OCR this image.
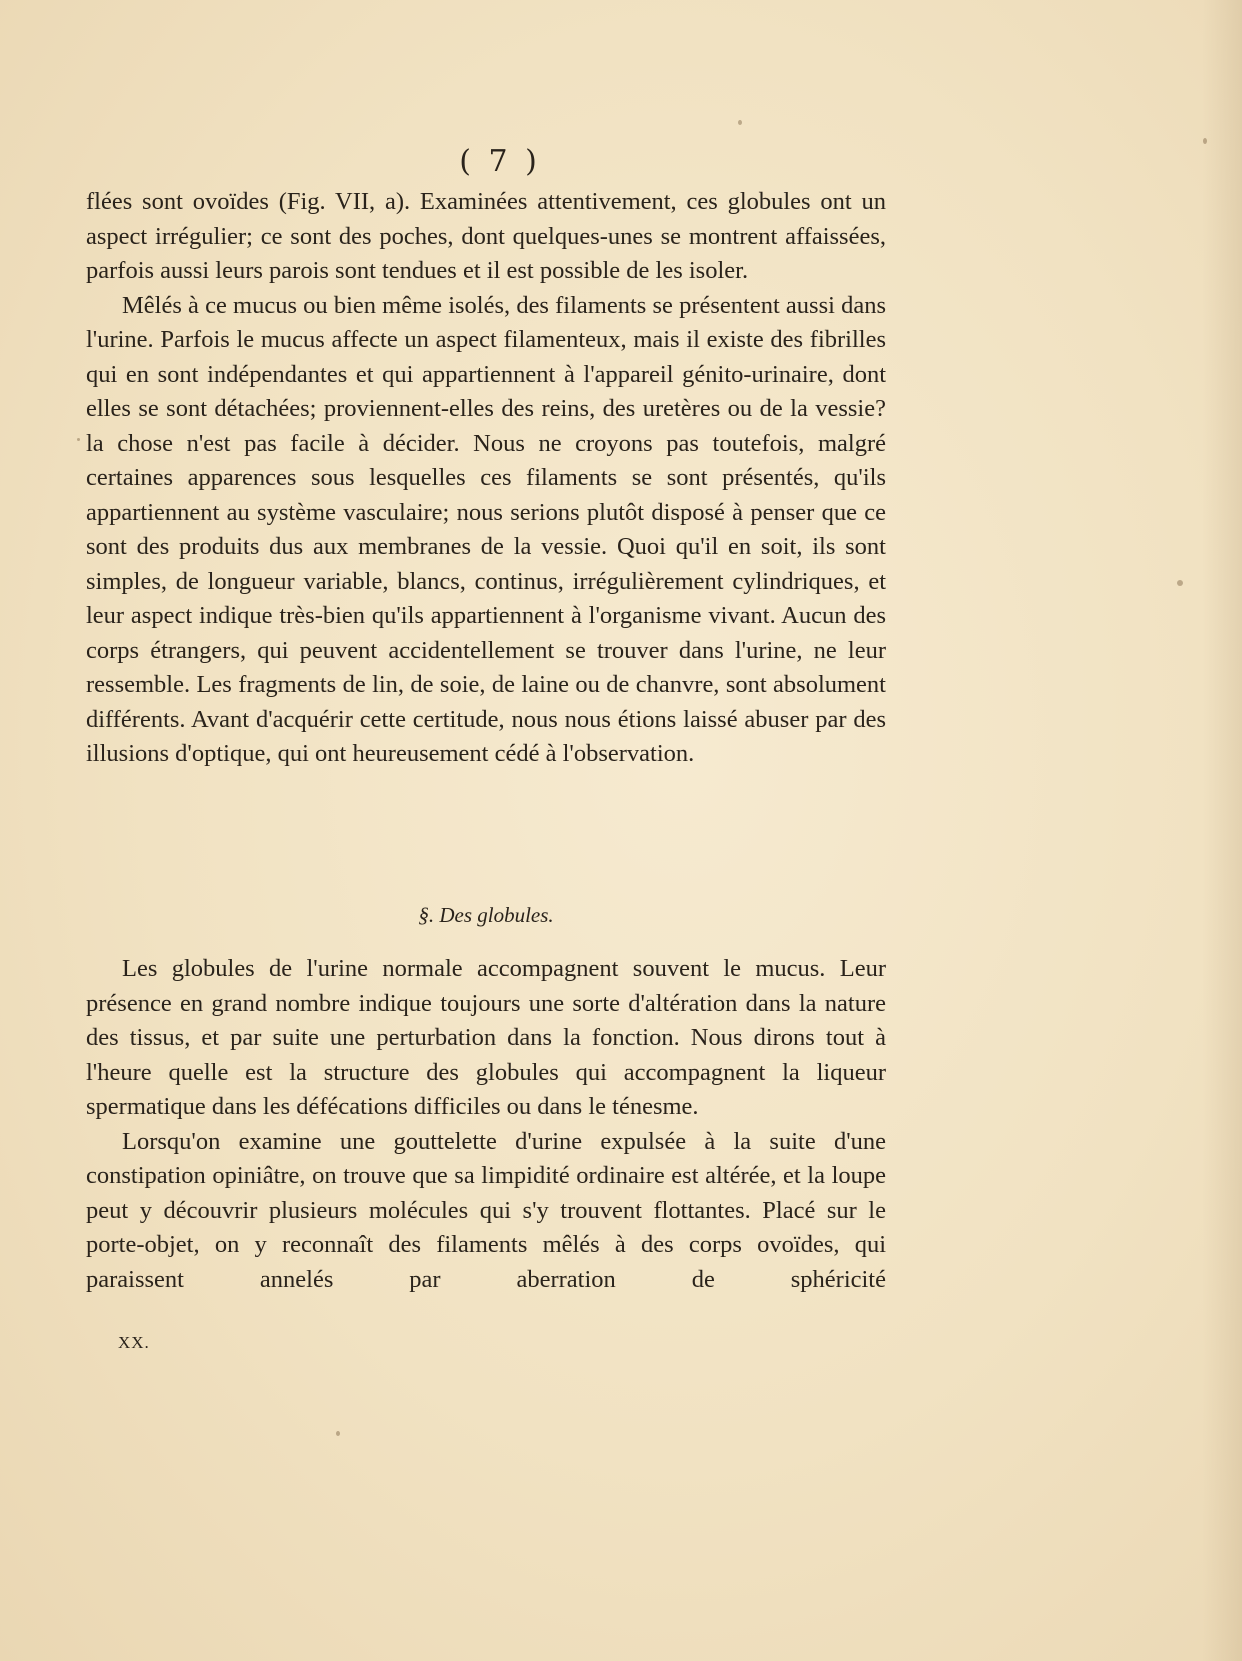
( 7 )

flées sont ovoïdes (Fig. VII, a). Examinées attentivement, ces globules ont un aspect irrégulier; ce sont des poches, dont quelques-unes se montrent affaissées, parfois aussi leurs parois sont tendues et il est possible de les isoler.

Mêlés à ce mucus ou bien même isolés, des filaments se présentent aussi dans l'urine. Parfois le mucus affecte un aspect filamenteux, mais il existe des fibrilles qui en sont indépendantes et qui appartiennent à l'appareil génito-urinaire, dont elles se sont détachées; proviennent-elles des reins, des uretères ou de la vessie? la chose n'est pas facile à décider. Nous ne croyons pas toutefois, malgré certaines apparences sous lesquelles ces filaments se sont présentés, qu'ils appartiennent au système vasculaire; nous serions plutôt disposé à penser que ce sont des produits dus aux membranes de la vessie. Quoi qu'il en soit, ils sont simples, de longueur variable, blancs, continus, irrégulièrement cylindriques, et leur aspect indique très-bien qu'ils appartiennent à l'organisme vivant. Aucun des corps étrangers, qui peuvent accidentellement se trouver dans l'urine, ne leur ressemble. Les fragments de lin, de soie, de laine ou de chanvre, sont absolument différents. Avant d'acquérir cette certitude, nous nous étions laissé abuser par des illusions d'optique, qui ont heureusement cédé à l'observation.

§. Des globules.

Les globules de l'urine normale accompagnent souvent le mucus. Leur présence en grand nombre indique toujours une sorte d'altération dans la nature des tissus, et par suite une perturbation dans la fonction. Nous dirons tout à l'heure quelle est la structure des globules qui accompagnent la liqueur spermatique dans les défécations difficiles ou dans le ténesme.

Lorsqu'on examine une gouttelette d'urine expulsée à la suite d'une constipation opiniâtre, on trouve que sa limpidité ordinaire est altérée, et la loupe peut y découvrir plusieurs molécules qui s'y trouvent flottantes. Placé sur le porte-objet, on y reconnaît des filaments mêlés à des corps ovoïdes, qui paraissent annelés par aberration de sphéricité

XX.
